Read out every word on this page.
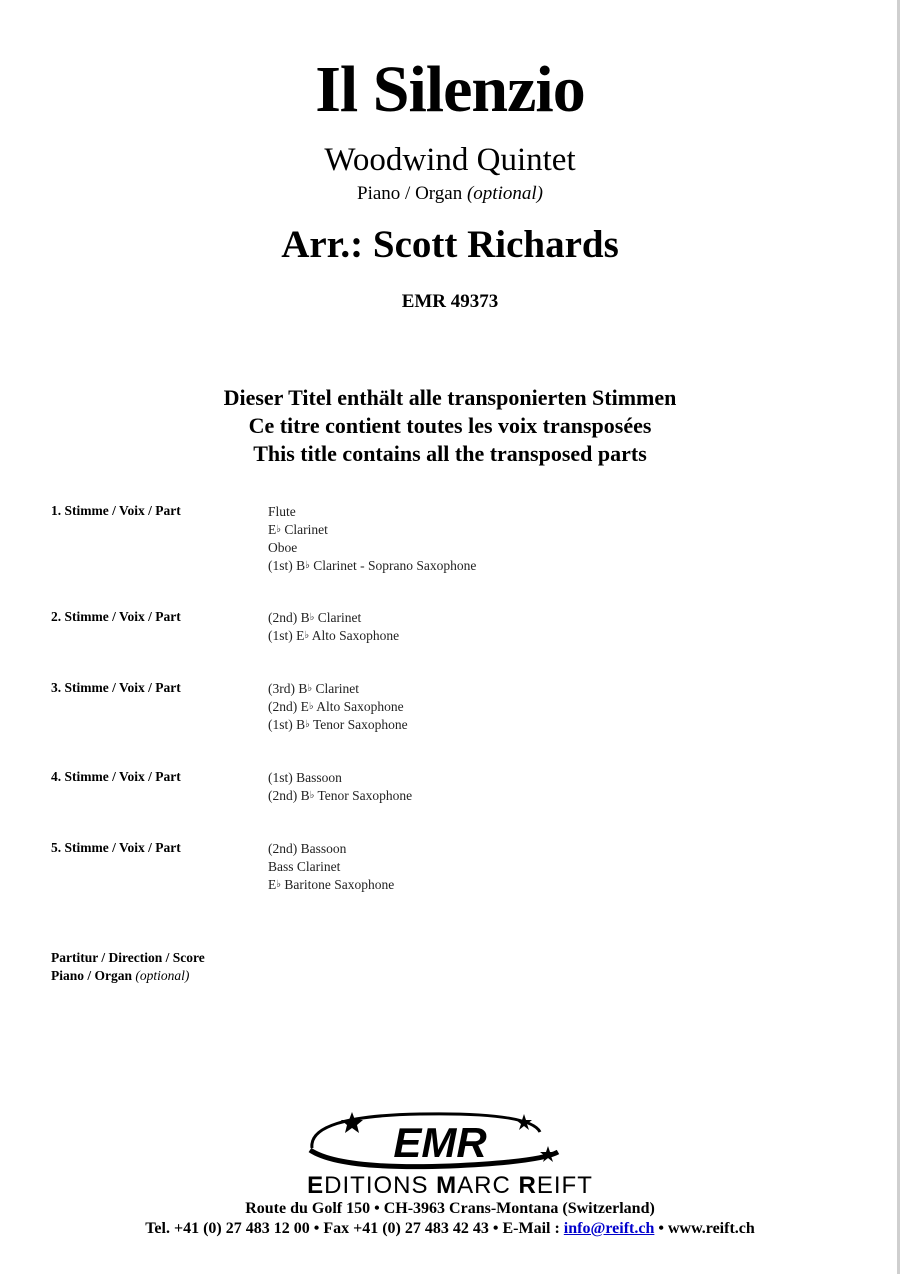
Il Silenzio
Woodwind Quintet
Piano / Organ (optional)
Arr.: Scott Richards
EMR 49373
Dieser Titel enthält alle transponierten Stimmen
Ce titre contient toutes les voix transposées
This title contains all the transposed parts
1. Stimme / Voix / Part	Flute
E♭ Clarinet
Oboe
(1st) B♭ Clarinet - Soprano Saxophone
2. Stimme / Voix / Part	(2nd) B♭ Clarinet
(1st) E♭ Alto Saxophone
3. Stimme / Voix / Part	(3rd) B♭ Clarinet
(2nd) E♭ Alto Saxophone
(1st) B♭ Tenor Saxophone
4. Stimme / Voix / Part	(1st) Bassoon
(2nd) B♭ Tenor Saxophone
5. Stimme / Voix / Part	(2nd) Bassoon
Bass Clarinet
E♭ Baritone Saxophone
Partitur / Direction / Score
Piano / Organ (optional)
EMR
EDITIONS MARC REIFT
Route du Golf 150 • CH-3963 Crans-Montana (Switzerland)
Tel. +41 (0) 27 483 12 00 • Fax +41 (0) 27 483 42 43 • E-Mail : info@reift.ch • www.reift.ch
